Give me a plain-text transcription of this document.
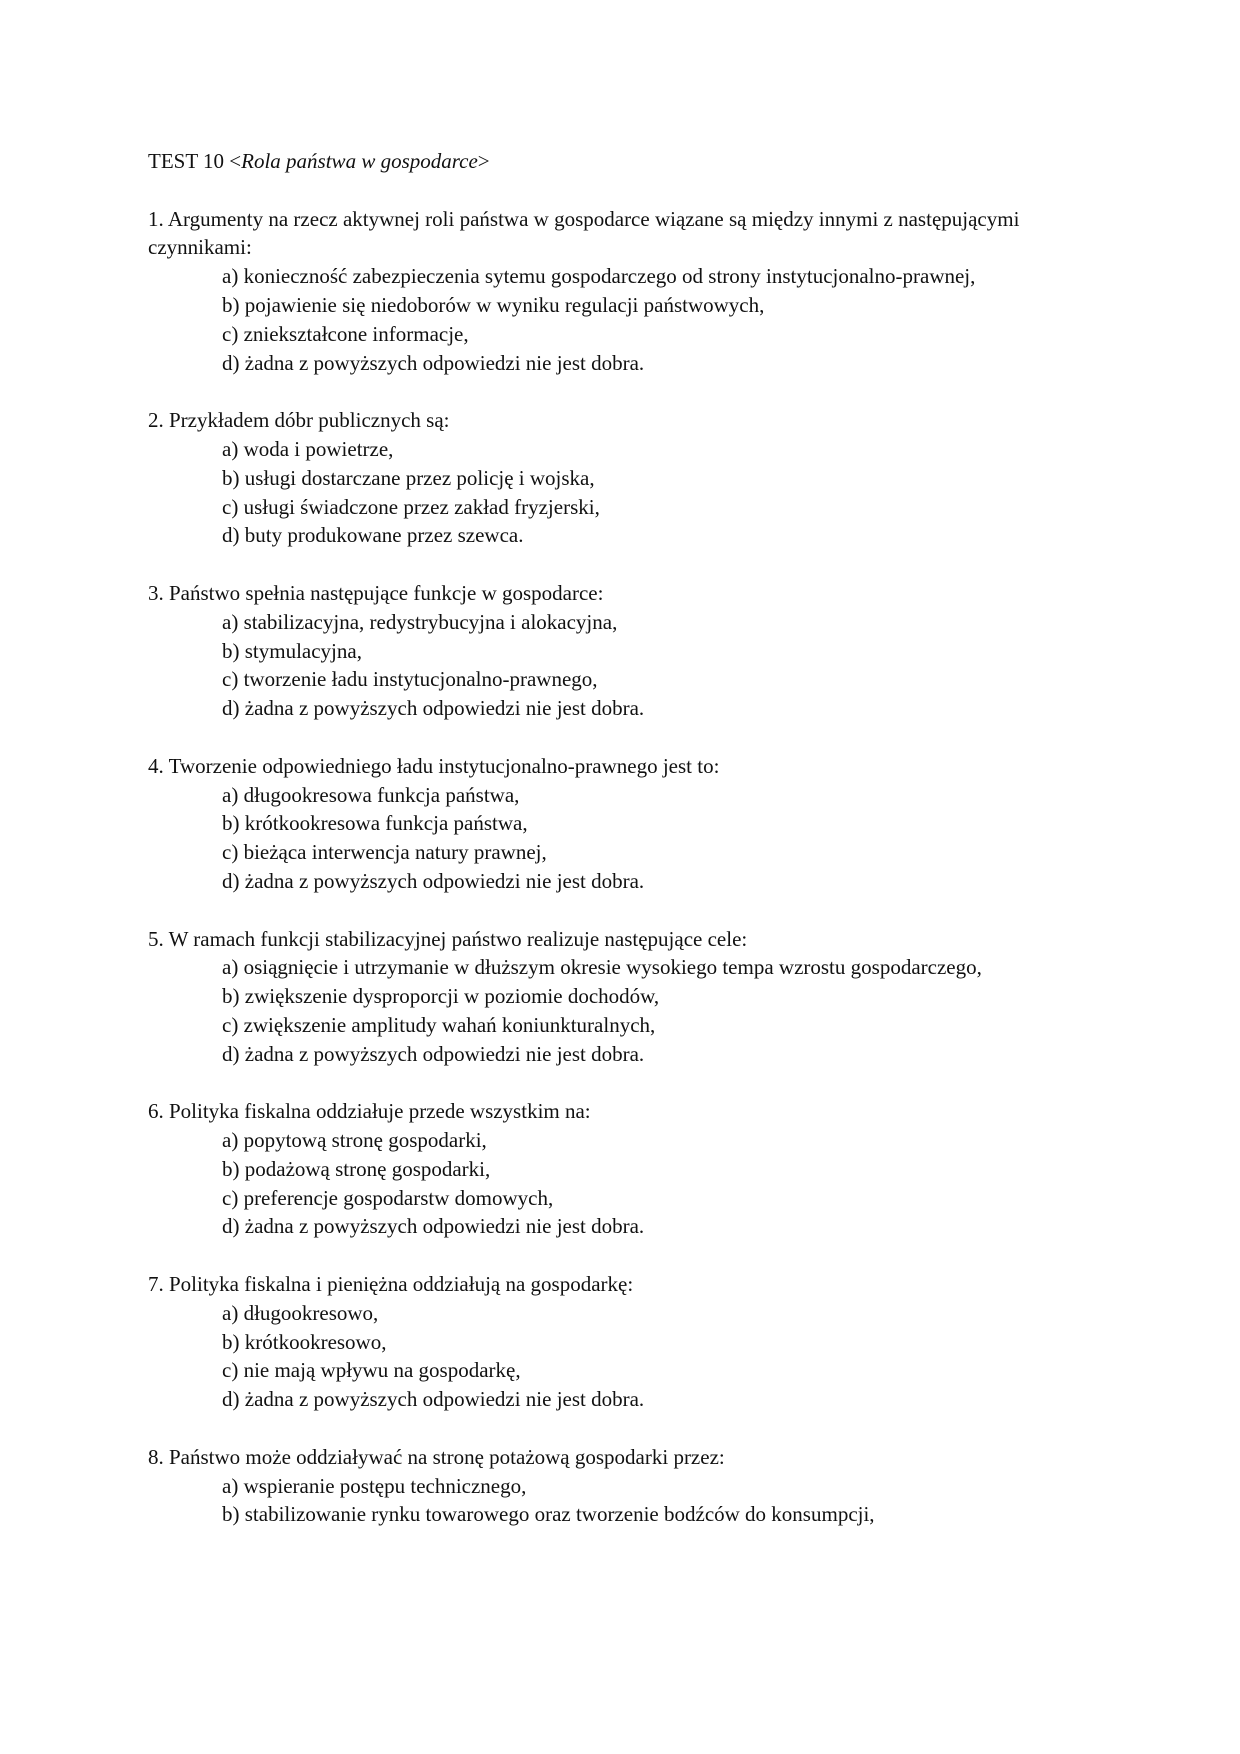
TEST 10 <Rola państwa w gospodarce>

1. Argumenty na rzecz aktywnej roli państwa w gospodarce wiązane są między innymi z następującymi czynnikami:

a) konieczność zabezpieczenia sytemu gospodarczego od strony instytucjonalno-prawnej,
b) pojawienie się niedoborów w wyniku regulacji państwowych,
c) zniekształcone informacje,
d) żadna z powyższych odpowiedzi nie jest dobra.

2. Przykładem dóbr publicznych są:

a) woda i powietrze,
b) usługi dostarczane przez policję i wojska,
c) usługi świadczone przez zakład fryzjerski,
d) buty produkowane przez szewca.

3. Państwo spełnia następujące funkcje w gospodarce:

a) stabilizacyjna, redystrybucyjna i alokacyjna,
b) stymulacyjna,
c) tworzenie ładu instytucjonalno-prawnego,
d) żadna z powyższych odpowiedzi nie jest dobra.

4. Tworzenie odpowiedniego ładu instytucjonalno-prawnego jest to:

a) długookresowa funkcja państwa,
b) krótkookresowa funkcja państwa,
c) bieżąca interwencja natury prawnej,
d) żadna z powyższych odpowiedzi nie jest dobra.

5. W ramach funkcji stabilizacyjnej państwo realizuje następujące cele:

a) osiągnięcie i utrzymanie w dłuższym okresie wysokiego tempa wzrostu gospodarczego,
b) zwiększenie dysproporcji w poziomie dochodów,
c) zwiększenie amplitudy wahań koniunkturalnych,
d) żadna z powyższych odpowiedzi nie jest dobra.

6. Polityka fiskalna oddziałuje przede wszystkim na:

a) popytową stronę gospodarki,
b) podażową stronę gospodarki,
c) preferencje gospodarstw domowych,
d) żadna z powyższych odpowiedzi nie jest dobra.

7. Polityka fiskalna i pieniężna oddziałują na gospodarkę:

a) długookresowo,
b) krótkookresowo,
c) nie mają wpływu na gospodarkę,
d) żadna z powyższych odpowiedzi nie jest dobra.

8. Państwo może oddziaływać na stronę potażową gospodarki przez:

a) wspieranie postępu technicznego,
b) stabilizowanie rynku towarowego oraz tworzenie bodźców do konsumpcji,
